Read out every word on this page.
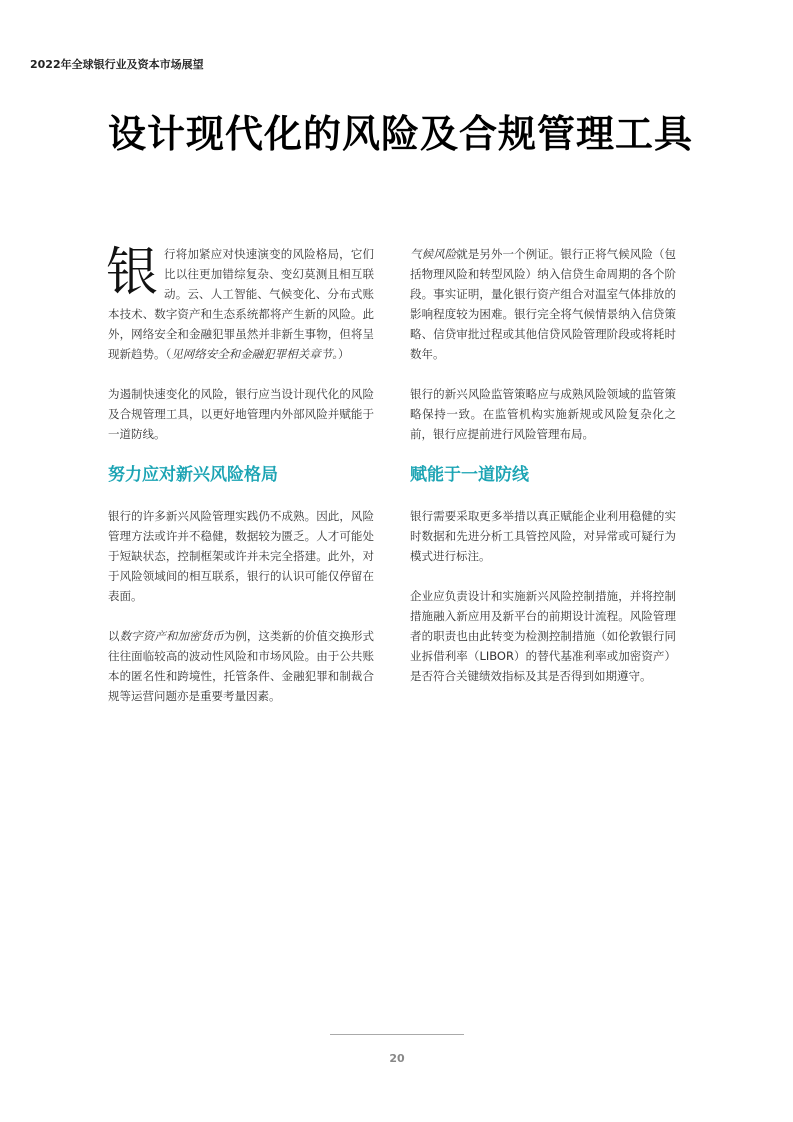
2022年全球银行业及资本市场展望
设计现代化的风险及合规管理工具

银行将加紧应对快速演变的风险格局，它们比以往更加错综复杂、变幻莫测且相互联动。云、人工智能、气候变化、分布式账本技术、数字资产和生态系统都将产生新的风险。此外，网络安全和金融犯罪虽然并非新生事物，但将呈现新趋势。（见网络安全和金融犯罪相关章节。）

为遏制快速变化的风险，银行应当设计现代化的风险及合规管理工具，以更好地管理内外部风险并赋能于一道防线。

努力应对新兴风险格局

银行的许多新兴风险管理实践仍不成熟。因此，风险管理方法或许并不稳健，数据较为匮乏。人才可能处于短缺状态，控制框架或许并未完全搭建。此外，对于风险领域间的相互联系，银行的认识可能仅停留在表面。

以数字资产和加密货币为例，这类新的价值交换形式往往面临较高的波动性风险和市场风险。由于公共账本的匿名性和跨境性，托管条件、金融犯罪和制裁合规等运营问题亦是重要考量因素。

气候风险就是另外一个例证。银行正将气候风险（包括物理风险和转型风险）纳入信贷生命周期的各个阶段。事实证明，量化银行资产组合对温室气体排放的影响程度较为困难。银行完全将气候情景纳入信贷策略、信贷审批过程或其他信贷风险管理阶段或将耗时数年。

银行的新兴风险监管策略应与成熟风险领域的监管策略保持一致。在监管机构实施新规或风险复杂化之前，银行应提前进行风险管理布局。

赋能于一道防线

银行需要采取更多举措以真正赋能企业利用稳健的实时数据和先进分析工具管控风险，对异常或可疑行为模式进行标注。

企业应负责设计和实施新兴风险控制措施，并将控制措施融入新应用及新平台的前期设计流程。风险管理者的职责也由此转变为检测控制措施（如伦敦银行同业拆借利率（LIBOR）的替代基准利率或加密资产）是否符合关键绩效指标及其是否得到如期遵守。

20
